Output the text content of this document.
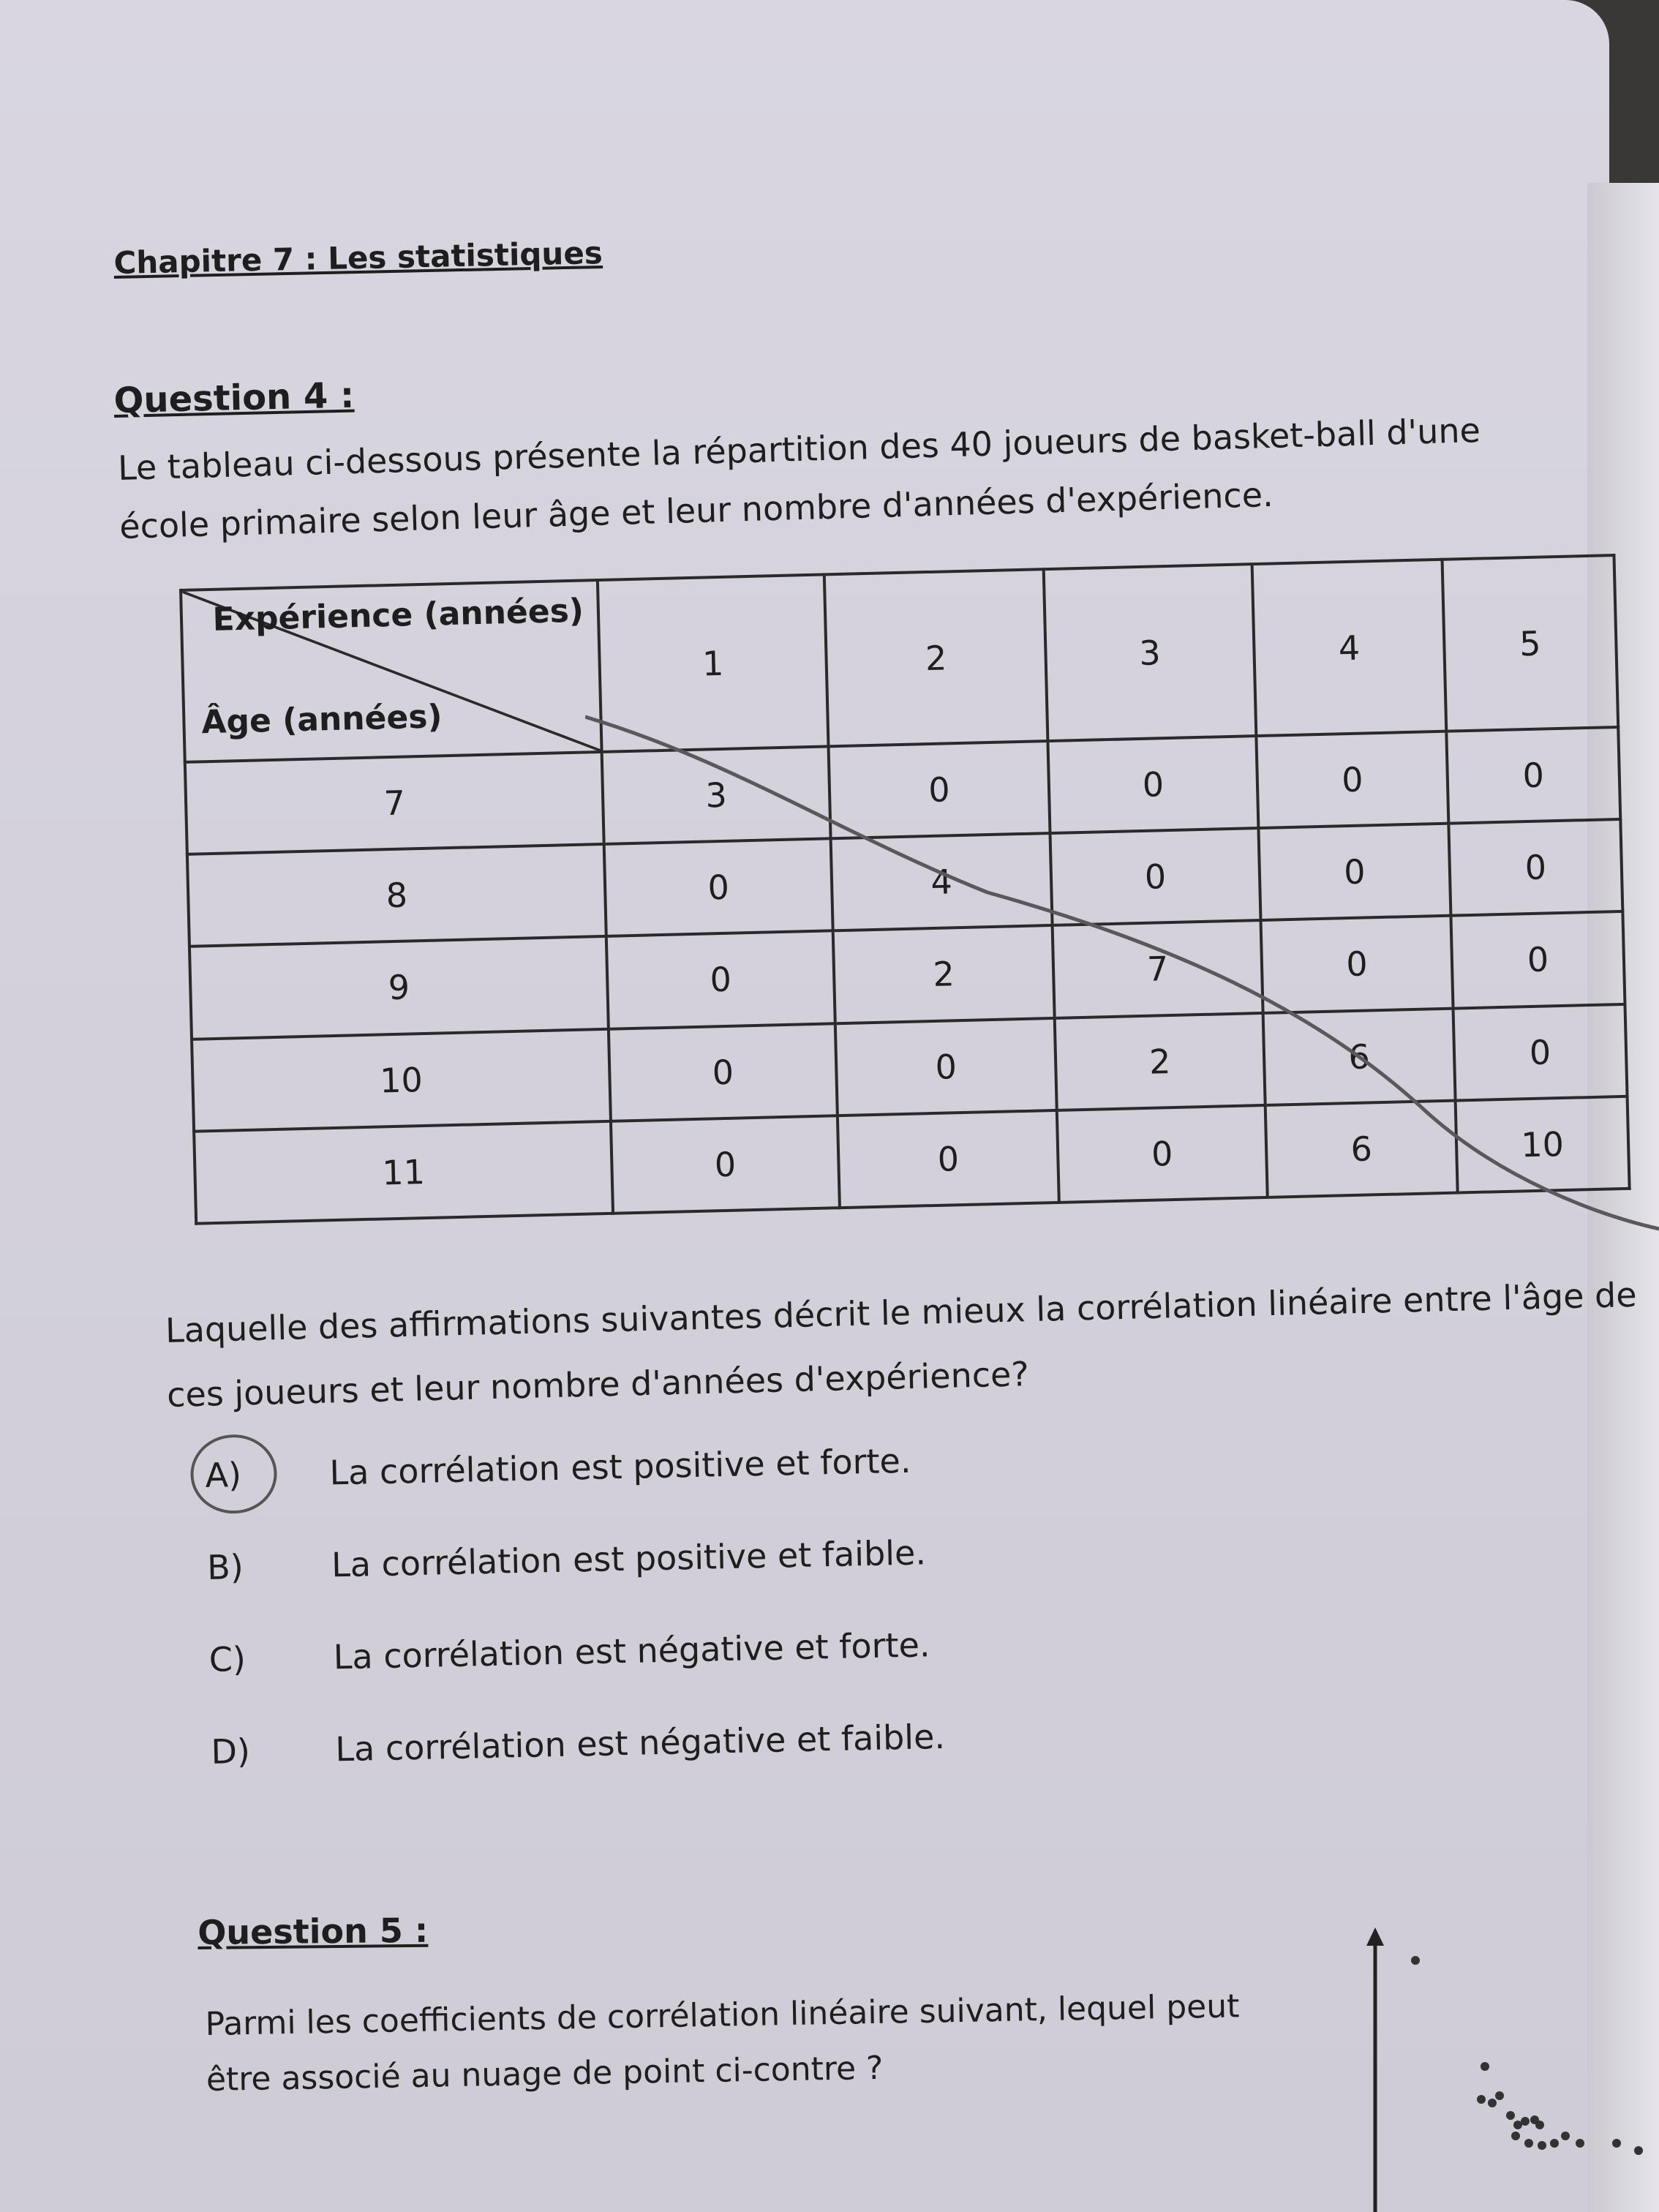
Chapitre 7 : Les statistiques
Question 4 :
Le tableau ci-dessous présente la répartition des 40 joueurs de basket-ball d'une école primaire selon leur âge et leur nombre d'années d'expérience.
Expérience (années)
Âge (années)	1	2	3	4	5
7	3	0	0	0	0
8	0	4	0	0	0
9	0	2	7	0	0
10	0	0	2	6	0
11	0	0	0	6	10
Laquelle des affirmations suivantes décrit le mieux la corrélation linéaire entre l'âge de ces joueurs et leur nombre d'années d'expérience?
A)	La corrélation est positive et forte.
B)	La corrélation est positive et faible.
C)	La corrélation est négative et forte.
D)	La corrélation est négative et faible.
Question 5 :
Parmi les coefficients de corrélation linéaire suivant, lequel peut être associé au nuage de point ci-contre ?
